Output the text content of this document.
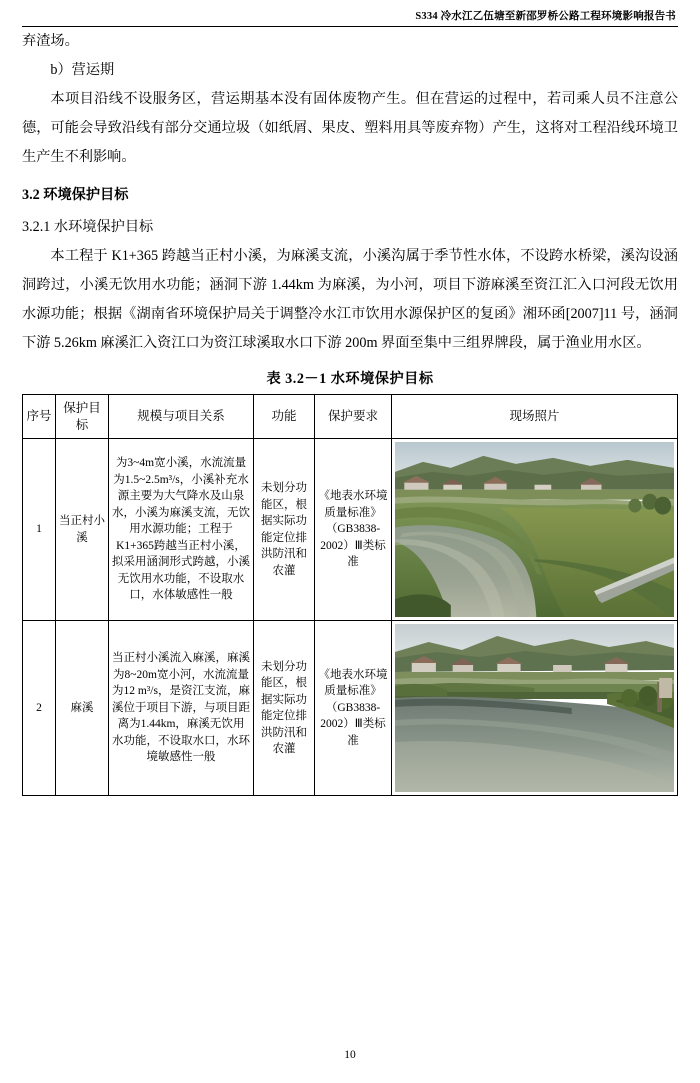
S334 冷水江乙伍塘至新邵罗桥公路工程环境影响报告书

弃渣场。

b）营运期

本项目沿线不设服务区，营运期基本没有固体废物产生。但在营运的过程中，若司乘人员不注意公德，可能会导致沿线有部分交通垃圾（如纸屑、果皮、塑料用具等废弃物）产生，这将对工程沿线环境卫生产生不利影响。

3.2 环境保护目标
3.2.1 水环境保护目标

本工程于 K1+365 跨越当正村小溪，为麻溪支流，小溪沟属于季节性水体，不设跨水桥梁，溪沟设涵洞跨过，小溪无饮用水功能；涵洞下游 1.44km 为麻溪，为小河，项目下游麻溪至资江汇入口河段无饮用水源功能；根据《湖南省环境保护局关于调整冷水江市饮用水源保护区的复函》湘环函[2007]11 号，涵洞下游 5.26km 麻溪汇入资江口为资江球溪取水口下游 200m 界面至集中三组界牌段，属于渔业用水区。

表 3.2－1 水环境保护目标
序号	保护目标	规模与项目关系	功能	保护要求	现场照片
1	当正村小溪	为3~4m宽小溪，水流流量为1.5~2.5m³/s，小溪补充水源主要为大气降水及山泉水，小溪为麻溪支流，无饮用水源功能；工程于K1+365跨越当正村小溪，拟采用涵洞形式跨越，小溪无饮用水功能，不设取水口，水体敏感性一般	未划分功能区，根据实际功能定位排洪防汛和农灌	《地表水环境质量标准》（GB3838-2002）Ⅲ类标准	

2	麻溪	当正村小溪流入麻溪，麻溪为8~20m宽小河，水流流量为12 m³/s，是资江支流，麻溪位于项目下游，与项目距离为1.44km，麻溪无饮用水功能，不设取水口，水环境敏感性一般	未划分功能区，根据实际功能定位排洪防汛和农灌	《地表水环境质量标准》（GB3838-2002）Ⅲ类标准	
10
